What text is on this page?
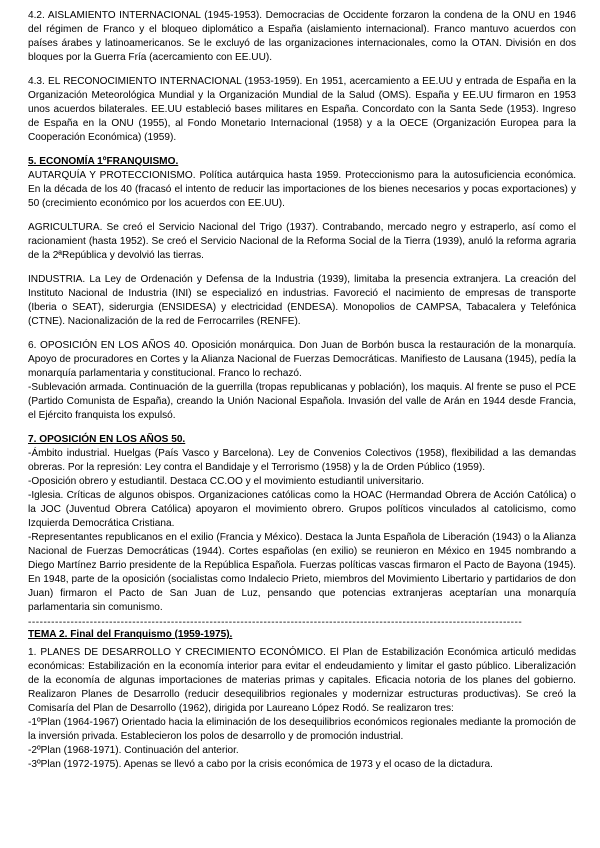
4.2. AISLAMIENTO INTERNACIONAL (1945-1953). Democracias de Occidente forzaron la condena de la ONU en 1946 del régimen de Franco y el bloqueo diplomático a España (aislamiento internacional). Franco mantuvo acuerdos con países árabes y latinoamericanos. Se le excluyó de las organizaciones internacionales, como la OTAN. División en dos bloques por la Guerra Fría (acercamiento con EE.UU).

4.3. EL RECONOCIMIENTO INTERNACIONAL (1953-1959). En 1951, acercamiento a EE.UU y entrada de España en la Organización Meteorológica Mundial y la Organización Mundial de la Salud (OMS). España y EE.UU firmaron en 1953 unos acuerdos bilaterales. EE.UU estableció bases militares en España. Concordato con la Santa Sede (1953). Ingreso de España en la ONU (1955), al Fondo Monetario Internacional (1958) y a la OECE (Organización Europea para la Cooperación Económica) (1959).

5. ECONOMÍA 1ºFRANQUISMO.

AUTARQUÍA Y PROTECCIONISMO. Política autárquica hasta 1959. Proteccionismo para la autosuficiencia económica. En la década de los 40 (fracasó el intento de reducir las importaciones de los bienes necesarios y pocas exportaciones) y 50 (crecimiento económico por los acuerdos con EE.UU).

AGRICULTURA. Se creó el Servicio Nacional del Trigo (1937). Contrabando, mercado negro y estraperlo, así como el racionamient (hasta 1952). Se creó el Servicio Nacional de la Reforma Social de la Tierra (1939), anuló la reforma agraria de la 2ªRepública y devolvió las tierras.

INDUSTRIA. La Ley de Ordenación y Defensa de la Industria (1939), limitaba la presencia extranjera. La creación del Instituto Nacional de Industria (INI) se especializó en industrias. Favoreció el nacimiento de empresas de transporte (Iberia o SEAT), siderurgia (ENSIDESA) y electricidad (ENDESA). Monopolios de CAMPSA, Tabacalera y Telefónica (CTNE). Nacionalización de la red de Ferrocarriles (RENFE).

6. OPOSICIÓN EN LOS AÑOS 40. Oposición monárquica. Don Juan de Borbón busca la restauración de la monarquía. Apoyo de procuradores en Cortes y la Alianza Nacional de Fuerzas Democráticas. Manifiesto de Lausana (1945), pedía la monarquía parlamentaria y constitucional. Franco lo rechazó.

-Sublevación armada. Continuación de la guerrilla (tropas republicanas y población), los maquis. Al frente se puso el PCE (Partido Comunista de España), creando la Unión Nacional Española. Invasión del valle de Arán en 1944 desde Francia, el Ejército franquista los expulsó.

7. OPOSICIÓN EN LOS AÑOS 50.

-Ámbito industrial. Huelgas (País Vasco y Barcelona). Ley de Convenios Colectivos (1958), flexibilidad a las demandas obreras. Por la represión: Ley contra el Bandidaje y el Terrorismo (1958) y la de Orden Público (1959).

-Oposición obrero y estudiantil. Destaca CC.OO y el movimiento estudiantil universitario.

-Iglesia. Críticas de algunos obispos. Organizaciones católicas como la HOAC (Hermandad Obrera de Acción Católica) o la JOC (Juventud Obrera Católica) apoyaron el movimiento obrero. Grupos políticos vinculados al catolicismo, como Izquierda Democrática Cristiana.

-Representantes republicanos en el exilio (Francia y México). Destaca la Junta Española de Liberación (1943) o la Alianza Nacional de Fuerzas Democráticas (1944). Cortes españolas (en exilio) se reunieron en México en 1945 nombrando a Diego Martínez Barrio presidente de la República Española. Fuerzas políticas vascas firmaron el Pacto de Bayona (1945). En 1948, parte de la oposición (socialistas como Indalecio Prieto, miembros del Movimiento Libertario y partidarios de don Juan) firmaron el Pacto de San Juan de Luz, pensando que potencias extranjeras aceptarían una monarquía parlamentaria sin comunismo.

--------------------------------------------------------------------------------------------------------------------------------

TEMA 2. Final del Franquismo (1959-1975).

1. PLANES DE DESARROLLO Y CRECIMIENTO ECONÓMICO. El Plan de Estabilización Económica articuló medidas económicas: Estabilización en la economía interior para evitar el endeudamiento y limitar el gasto público. Liberalización de la economía de algunas importaciones de materias primas y capitales. Eficacia notoria de los planes del gobierno. Realizaron Planes de Desarrollo (reducir desequilibrios regionales y modernizar estructuras productivas). Se creó la Comisaría del Plan de Desarrollo (1962), dirigida por Laureano López Rodó. Se realizaron tres:

-1ºPlan (1964-1967) Orientado hacia la eliminación de los desequilibrios económicos regionales mediante la promoción de la inversión privada. Establecieron los polos de desarrollo y de promoción industrial.

-2ºPlan (1968-1971). Continuación del anterior.

-3ºPlan (1972-1975). Apenas se llevó a cabo por la crisis económica de 1973 y el ocaso de la dictadura.
